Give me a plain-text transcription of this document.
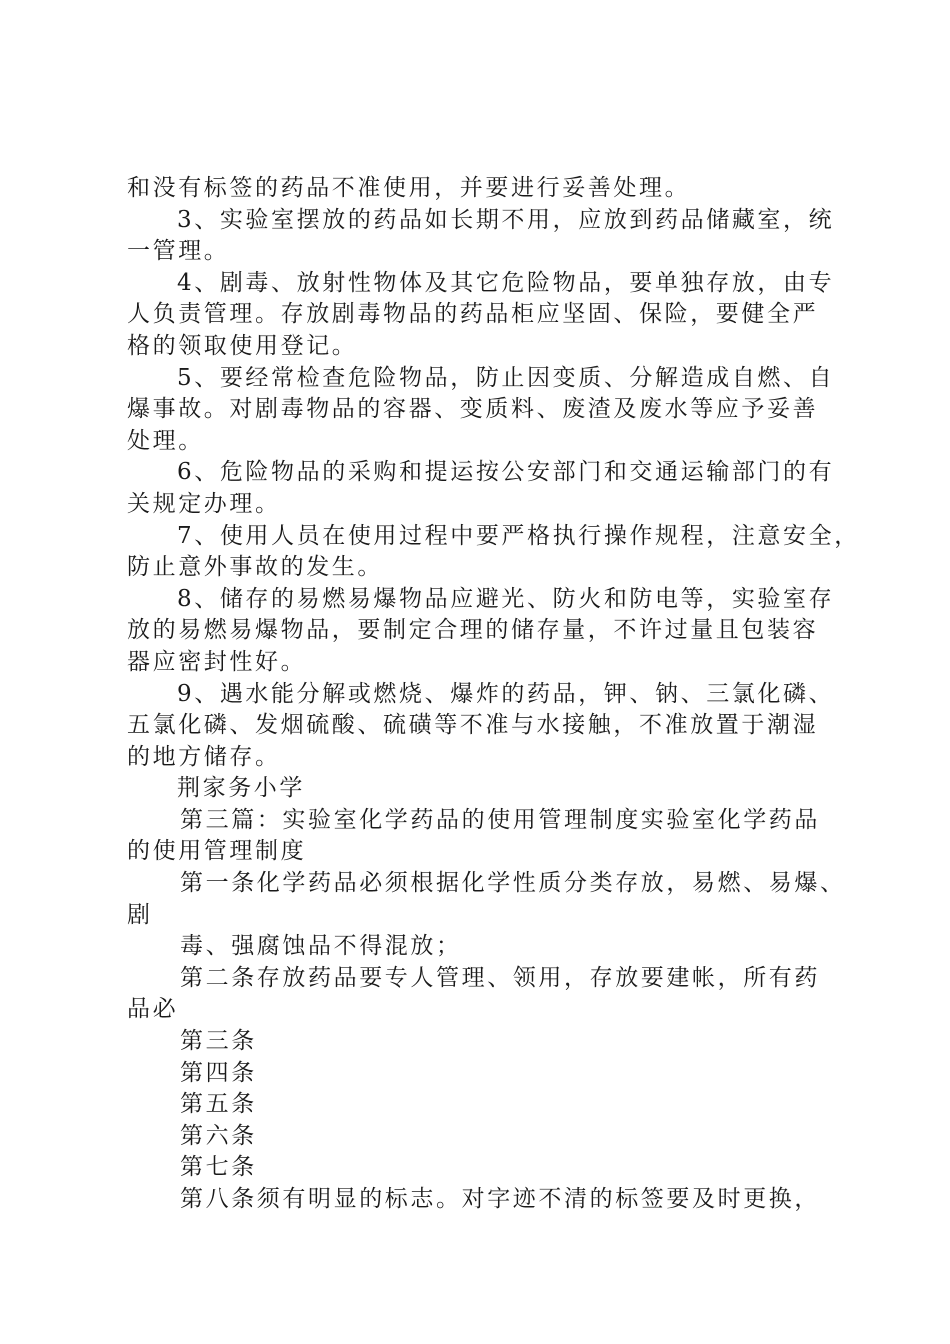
和没有标签的药品不准使用，并要进行妥善处理。
3、实验室摆放的药品如长期不用，应放到药品储藏室，统
一管理。
4、剧毒、放射性物体及其它危险物品，要单独存放，由专
人负责管理。存放剧毒物品的药品柜应坚固、保险，要健全严
格的领取使用登记。
5、要经常检查危险物品，防止因变质、分解造成自燃、自
爆事故。对剧毒物品的容器、变质料、废渣及废水等应予妥善
处理。
6、危险物品的采购和提运按公安部门和交通运输部门的有
关规定办理。
7、使用人员在使用过程中要严格执行操作规程，注意安全，
防止意外事故的发生。
8、储存的易燃易爆物品应避光、防火和防电等，实验室存
放的易燃易爆物品，要制定合理的储存量，不许过量且包装容
器应密封性好。
9、遇水能分解或燃烧、爆炸的药品，钾、钠、三氯化磷、
五氯化磷、发烟硫酸、硫磺等不准与水接触，不准放置于潮湿
的地方储存。
荆家务小学
第三篇：实验室化学药品的使用管理制度实验室化学药品
的使用管理制度
第一条化学药品必须根据化学性质分类存放，易燃、易爆、
剧
毒、强腐蚀品不得混放；
第二条存放药品要专人管理、领用，存放要建帐，所有药
品必
第三条
第四条
第五条
第六条
第七条
第八条须有明显的标志。对字迹不清的标签要及时更换，
